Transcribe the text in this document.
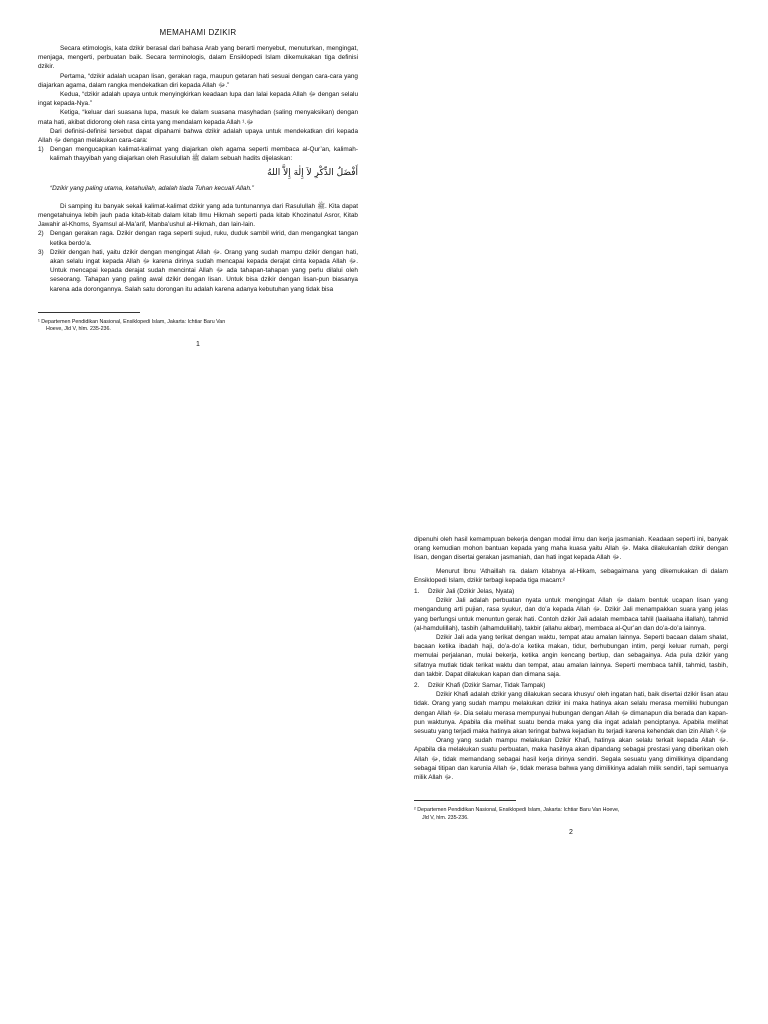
MEMAHAMI DZIKIR

Secara etimologis, kata dzikir berasal dari bahasa Arab yang berarti menyebut, menuturkan, mengingat, menjaga, mengerti, perbuatan baik. Secara terminologis, dalam Ensiklopedi Islam dikemukakan tiga definisi dzikir.

Pertama, “dzikir adalah ucapan lisan, gerakan raga, maupun getaran hati sesuai dengan cara-cara yang diajarkan agama, dalam rangka mendekatkan diri kepada Allah ﷻ.”

Kedua, “dzikir adalah upaya untuk menyingkirkan keadaan lupa dan lalai kepada Allah ﷻ dengan selalu ingat kepada-Nya.”

Ketiga, “keluar dari suasana lupa, masuk ke dalam suasana masyhadan (saling menyaksikan) dengan mata hati, akibat didorong oleh rasa cinta yang mendalam kepada Allah ﷻ.¹

Dari definisi-definisi tersebut dapat dipahami bahwa dzikir adalah upaya untuk mendekatkan diri kepada Allah ﷻ dengan melakukan cara-cara:

1) Dengan mengucapkan kalimat-kalimat yang diajarkan oleh agama seperti membaca al-Qur’an, kalimah-kalimah thayyibah yang diajarkan oleh Rasulullah ﷺ dalam sebuah hadits dijelaskan:
أَفْضَلُ الذِّكْرِ لاَ إِلٰهَ إِلاَّ اللهُ
“Dzikir yang paling utama, ketahuilah, adalah tiada Tuhan kecuali Allah.”

Di samping itu banyak sekali kalimat-kalimat dzikir yang ada tuntunannya dari Rasulullah ﷺ. Kita dapat mengetahuinya lebih jauh pada kitab-kitab dalam kitab Ilmu Hikmah seperti pada kitab Khozinatul Asror, Kitab Jawahir al-Khoms, Syamsul al-Ma’arif, Manba’ushul al-Hikmah, dan lain-lain.

2) Dengan gerakan raga. Dzikir dengan raga seperti sujud, ruku, duduk sambil wirid, dan mengangkat tangan ketika berdo’a.
3) Dzikir dengan hati, yaitu dzikir dengan mengingat Allah ﷻ. Orang yang sudah mampu dzikir dengan hati, akan selalu ingat kepada Allah ﷻ karena dirinya sudah mencapai kepada derajat cinta kepada Allah ﷻ. Untuk mencapai kepada derajat sudah mencintai Allah ﷻ ada tahapan-tahapan yang perlu dilalui oleh seseorang. Tahapan yang paling awal dzikir dengan lisan. Untuk bisa dzikir dengan lisan-pun biasanya karena ada dorongannya. Salah satu dorongan itu adalah karena adanya kebutuhan yang tidak bisa
¹ Departemen Pendidikan Nasional, Ensiklopedi Islam, Jakarta: Ichtiar Baru Van
Hoeve, Jld V, hlm. 235-236.
1

dipenuhi oleh hasil kemampuan bekerja dengan modal ilmu dan kerja jasmaniah. Keadaan seperti ini, banyak orang kemudian mohon bantuan kepada yang maha kuasa yaitu Allah ﷻ. Maka dilakukanlah dzikir dengan lisan, dengan disertai gerakan jasmaniah, dan hati ingat kepada Allah ﷻ.

Menurut Ibnu ‘Athaillah ra. dalam kitabnya al-Hikam, sebagaimana yang dikemukakan di dalam Ensiklopedi Islam, dzikir terbagi kepada tiga macam:²

1. Dzikir Jali (Dzikir Jelas, Nyata)

Dzikir Jali adalah perbuatan nyata untuk mengingat Allah ﷻ dalam bentuk ucapan lisan yang mengandung arti pujian, rasa syukur, dan do’a kepada Allah ﷻ. Dzikir Jali menampakkan suara yang jelas yang berfungsi untuk menuntun gerak hati. Contoh dzikir Jali adalah membaca tahlil (laailaaha illallah), tahmid (al-hamdulillah), tasbih (alhamdulillah), takbir (allahu akbar), membaca al-Qur’an dan do’a-do’a lainnya.

Dzikir Jali ada yang terikat dengan waktu, tempat atau amalan lainnya. Seperti bacaan dalam shalat, bacaan ketika ibadah haji, do’a-do’a ketika makan, tidur, berhubungan intim, pergi keluar rumah, pergi memulai perjalanan, mulai bekerja, ketika angin kencang bertiup, dan sebagainya. Ada pula dzikir yang sifatnya mutlak tidak terikat waktu dan tempat, atau amalan lainnya. Seperti membaca tahlil, tahmid, tasbih, dan takbir. Dapat dilakukan kapan dan dimana saja.

2. Dzikir Khafi (Dzikir Samar, Tidak Tampak)

Dzikir Khafi adalah dzikir yang dilakukan secara khusyu’ oleh ingatan hati, baik disertai dzikir lisan atau tidak. Orang yang sudah mampu melakukan dzikir ini maka hatinya akan selalu merasa memiliki hubungan dengan Allah ﷻ. Dia selalu merasa mempunyai hubungan dengan Allah ﷻ dimanapun dia berada dan kapan-pun waktunya. Apabila dia melihat suatu benda maka yang dia ingat adalah penciptanya. Apabila melihat sesuatu yang terjadi maka hatinya akan teringat bahwa kejadian itu terjadi karena kehendak dan izin Allah ﷻ.²

Orang yang sudah mampu melakukan Dzikir Khafi, hatinya akan selalu terkait kepada Allah ﷻ. Apabila dia melakukan suatu perbuatan, maka hasilnya akan dipandang sebagai prestasi yang diberikan oleh Allah ﷻ, tidak memandang sebagai hasil kerja dirinya sendiri. Segala sesuatu yang dimilikinya dipandang sebagai titipan dan karunia Allah ﷻ, tidak merasa bahwa yang dimilikinya adalah milik sendiri, tapi semuanya milik Allah ﷻ.

² Departemen Pendidikan Nasional, Ensiklopedi Islam, Jakarta: Ichtiar Baru Van Hoeve,
Jld V, hlm. 235-236.
2
